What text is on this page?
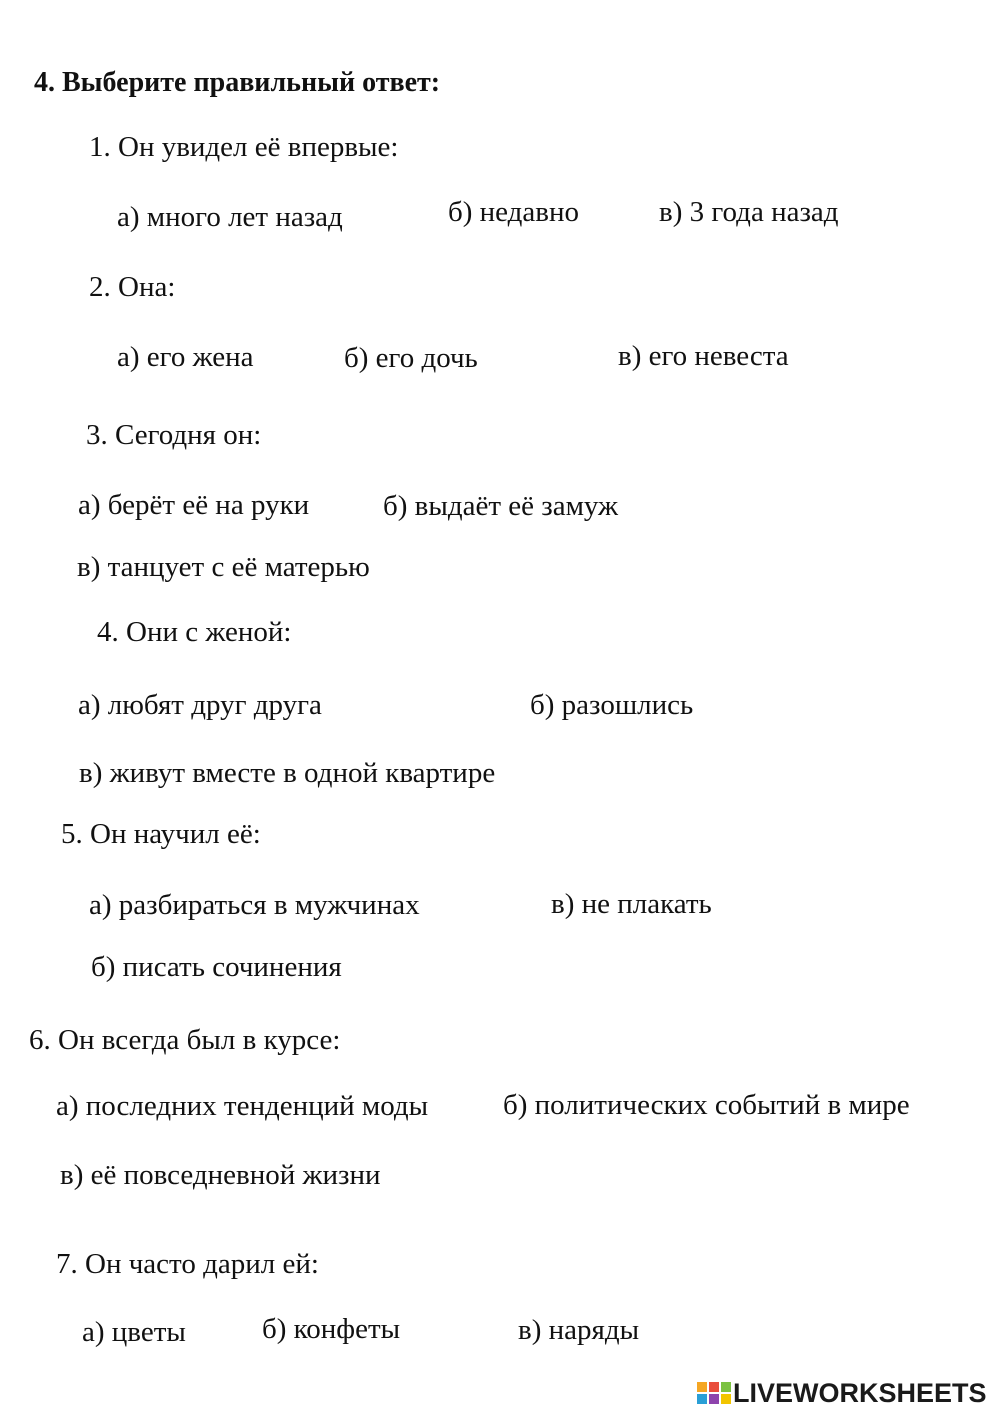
4. Выберите правильный ответ:
1. Он увидел её впервые:
а) много лет назад	б) недавно	в) 3 года назад
2. Она:
а) его жена	б) его дочь	в) его невеста
3. Сегодня он:
а) берёт её на руки	б) выдаёт её замуж
в) танцует с её матерью
4. Они с женой:
а) любят друг друга	б) разошлись
в) живут вместе в одной квартире
5. Он научил её:
а) разбираться в мужчинах	в) не плакать
б) писать сочинения
6. Он всегда был в курсе:
а) последних тенденций моды	б) политических событий в мире
в) её повседневной жизни
7. Он часто дарил ей:
а) цветы	б) конфеты	в) наряды
LIVEWORKSHEETS
